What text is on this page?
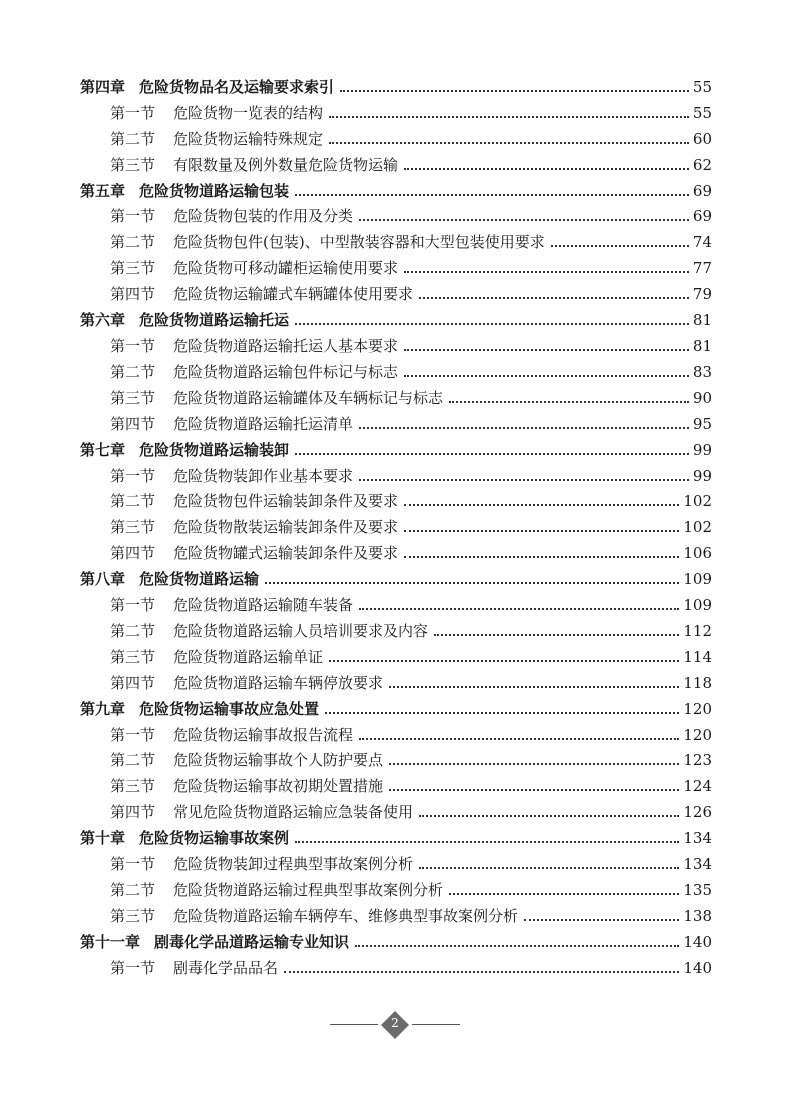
第四章 危险货物品名及运输要求索引	55
第一节 危险货物一览表的结构	55
第二节 危险货物运输特殊规定	60
第三节 有限数量及例外数量危险货物运输	62
第五章 危险货物道路运输包装	69
第一节 危险货物包装的作用及分类	69
第二节 危险货物包件(包装)、中型散装容器和大型包装使用要求	74
第三节 危险货物可移动罐柜运输使用要求	77
第四节 危险货物运输罐式车辆罐体使用要求	79
第六章 危险货物道路运输托运	81
第一节 危险货物道路运输托运人基本要求	81
第二节 危险货物道路运输包件标记与标志	83
第三节 危险货物道路运输罐体及车辆标记与标志	90
第四节 危险货物道路运输托运清单	95
第七章 危险货物道路运输装卸	99
第一节 危险货物装卸作业基本要求	99
第二节 危险货物包件运输装卸条件及要求	102
第三节 危险货物散装运输装卸条件及要求	102
第四节 危险货物罐式运输装卸条件及要求	106
第八章 危险货物道路运输	109
第一节 危险货物道路运输随车装备	109
第二节 危险货物道路运输人员培训要求及内容	112
第三节 危险货物道路运输单证	114
第四节 危险货物道路运输车辆停放要求	118
第九章 危险货物运输事故应急处置	120
第一节 危险货物运输事故报告流程	120
第二节 危险货物运输事故个人防护要点	123
第三节 危险货物运输事故初期处置措施	124
第四节 常见危险货物道路运输应急装备使用	126
第十章 危险货物运输事故案例	134
第一节 危险货物装卸过程典型事故案例分析	134
第二节 危险货物道路运输过程典型事故案例分析	135
第三节 危险货物道路运输车辆停车、维修典型事故案例分析	138
第十一章 剧毒化学品道路运输专业知识	140
第一节 剧毒化学品品名	140
2
